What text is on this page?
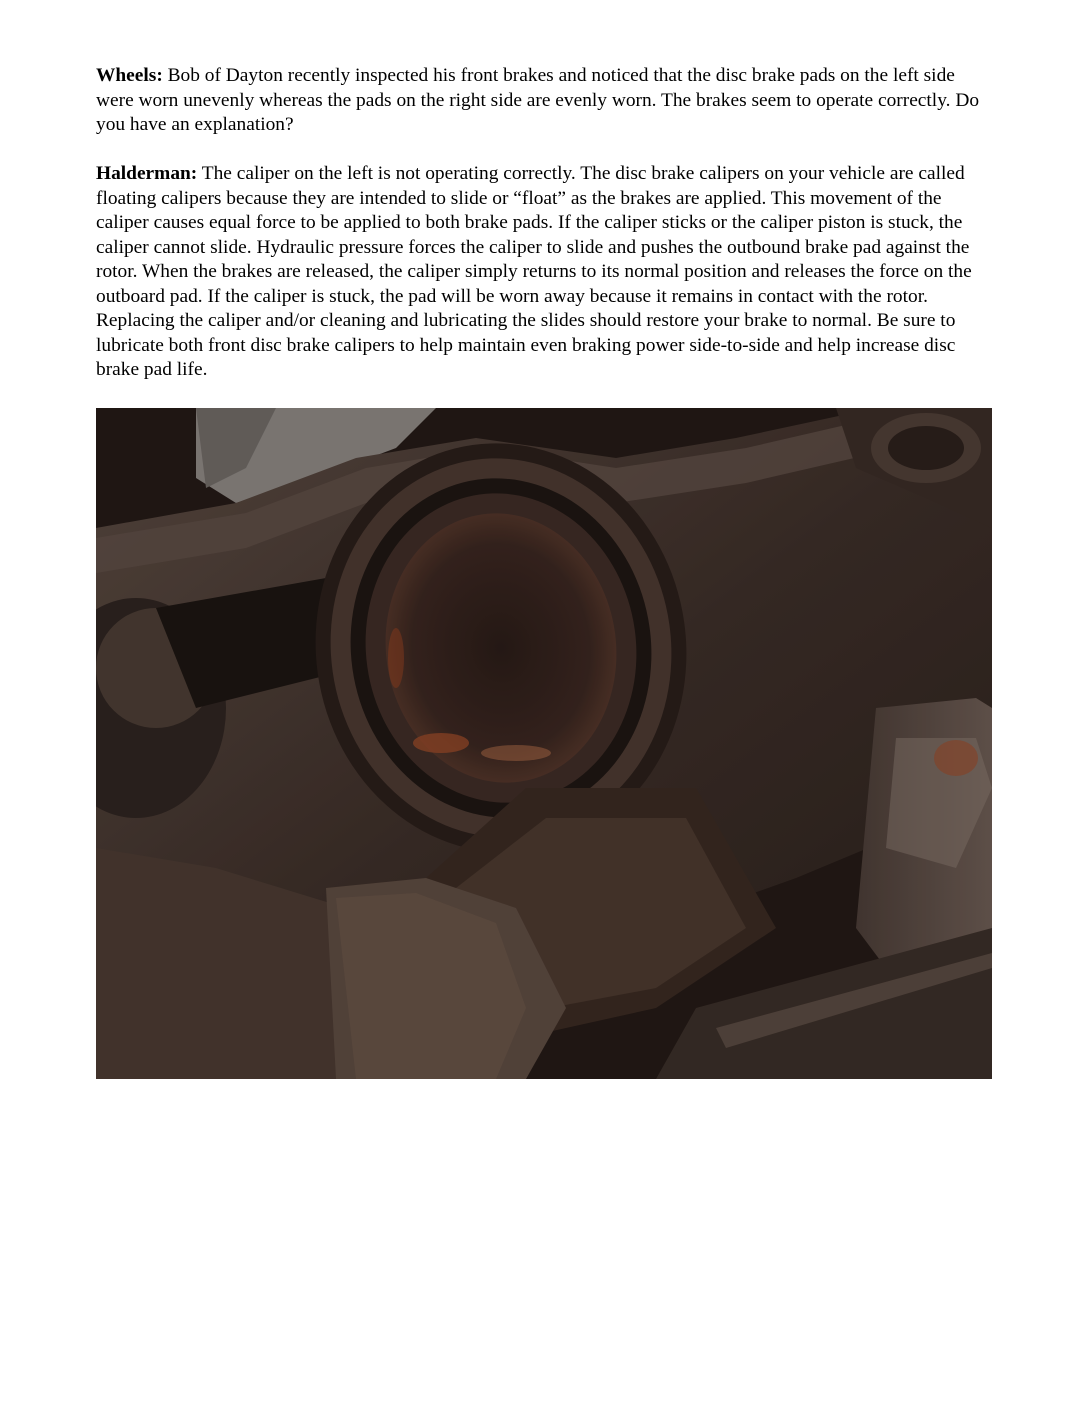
Wheels: Bob of Dayton recently inspected his front brakes and noticed that the disc brake pads on the left side were worn unevenly whereas the pads on the right side are evenly worn. The brakes seem to operate correctly. Do you have an explanation?

Halderman: The caliper on the left is not operating correctly. The disc brake calipers on your vehicle are called floating calipers because they are intended to slide or “float” as the brakes are applied. This movement of the caliper causes equal force to be applied to both brake pads. If the caliper sticks or the caliper piston is stuck, the caliper cannot slide. Hydraulic pressure forces the caliper to slide and pushes the outbound brake pad against the rotor. When the brakes are released, the caliper simply returns to its normal position and releases the force on the outboard pad. If the caliper is stuck, the pad will be worn away because it remains in contact with the rotor. Replacing the caliper and/or cleaning and lubricating the slides should restore your brake to normal. Be sure to lubricate both front disc brake calipers to help maintain even braking power side-to-side and help increase disc brake pad life.
